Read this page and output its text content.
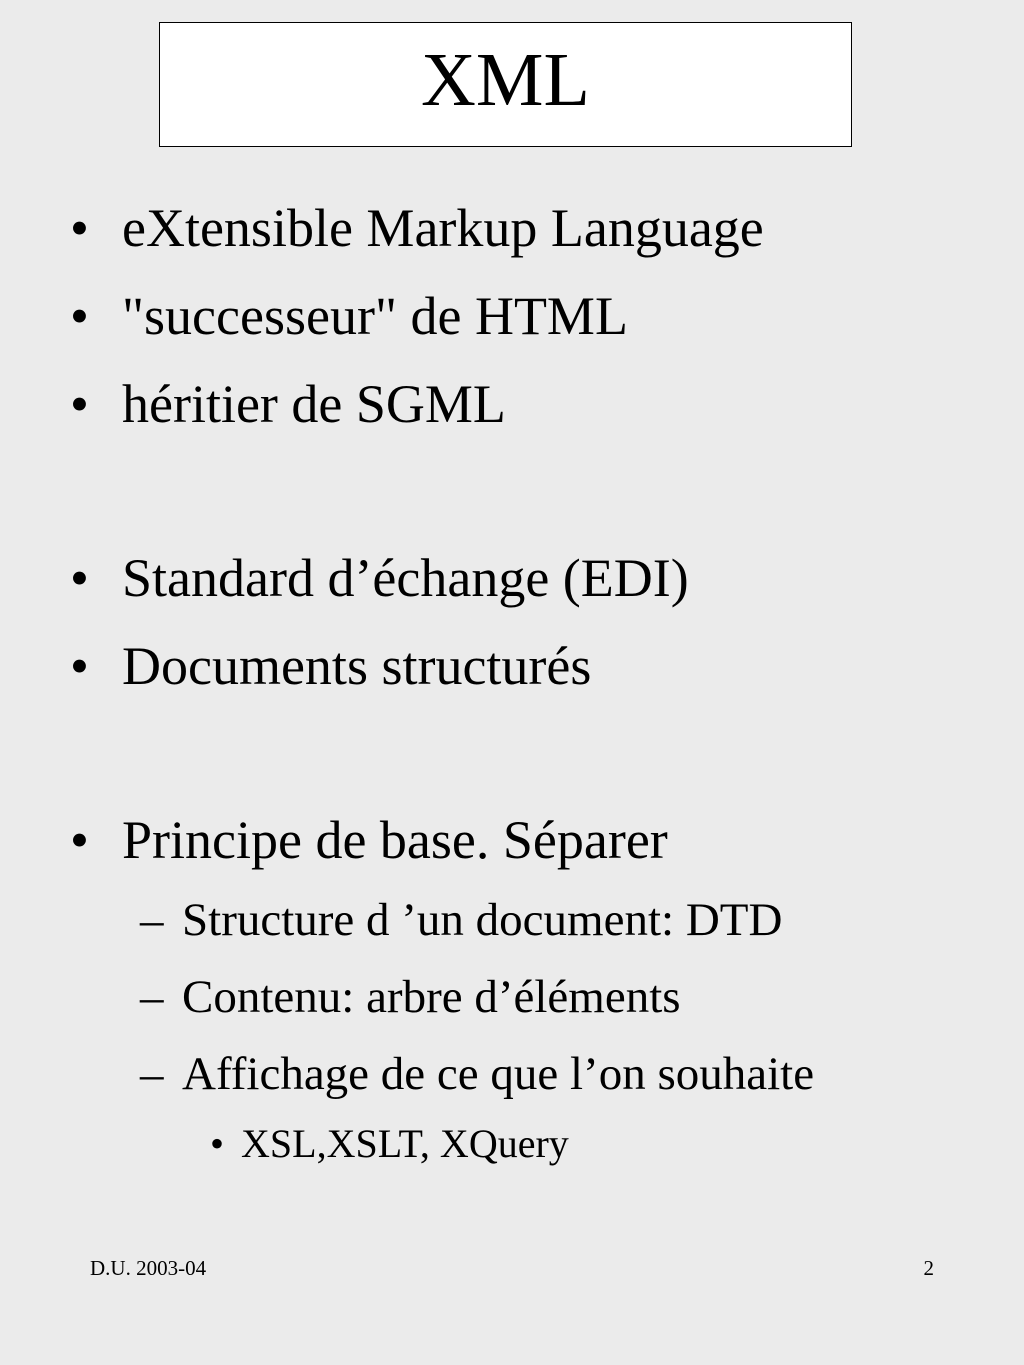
XML
• eXtensible Markup Language
• "successeur" de HTML
• héritier de SGML
• Standard d’échange (EDI)
• Documents structurés
• Principe de base. Séparer
– Structure d ’un document: DTD
– Contenu: arbre d’éléments
– Affichage de ce que l’on souhaite
• XSL,XSLT, XQuery
D.U. 2003-04	2
